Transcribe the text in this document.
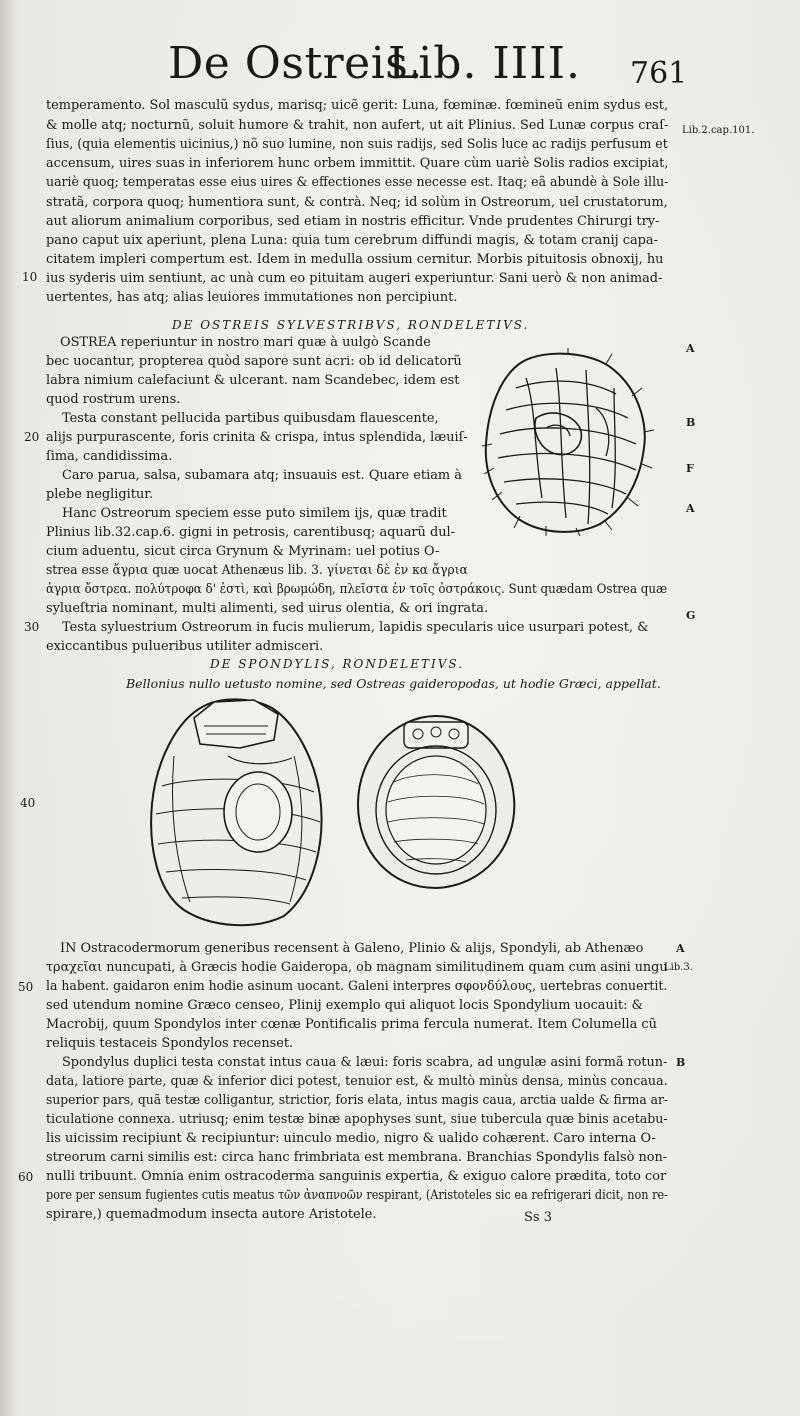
De Ostreis.
Lib. IIII. 761
temperamento. Sol masculũ sydus, marisq; uicẽ gerit: Luna, fœminæ. fœmineũ enim sydus est,
& molle atq; nocturnũ, soluit humore & trahit, non aufert, ut ait Plinius. Sed Lunæ corpus craſ-
ſius, (quia elementis uicinius,) nõ suo lumine, non suis radijs, sed Solis luce ac radijs perfusum et
accensum, uires suas in inferiorem hunc orbem immittit. Quare cùm uariè Solis radios excipiat,
uariè quoq; temperatas esse eius uires & effectiones esse necesse est. Itaq; eã abundè à Sole illu-
stratã, corpora quoq; humentiora sunt, & contrà. Neq; id solùm in Ostreorum, uel crustatorum,
aut aliorum animalium corporibus, sed etiam in nostris efficitur. Vnde prudentes Chirurgi try-
pano caput uix aperiunt, plena Luna: quia tum cerebrum diffundi magis, & totam cranij capa-
citatem impleri compertum est. Idem in medulla ossium cernitur. Morbis pituitosis obnoxij, hu
ius syderis uim sentiunt, ac unà cum eo pituitam augeri experiuntur. Sani uerò & non animad-
uertentes, has atq; alias leuiores immutationes non percipiunt.
Lib.2.cap.101.
10
DE OSTREIS SYLVESTRIBVS, RONDELETIVS.
OSTREA reperiuntur in nostro mari quæ à uulgò Scande
bec uocantur, propterea quòd sapore sunt acri: ob id delicatorũ
labra nimium calefaciunt & ulcerant. nam Scandebec, idem est
quod rostrum urens.
Testa constant pellucida partibus quibusdam flauescente,
alijs purpurascente, foris crinita & crispa, intus splendida, læuiſ-
ſima, candidissima.
Caro parua, salsa, subamara atq; insuauis est. Quare etiam à
plebe negligitur.
Hanc Ostreorum speciem esse puto similem ijs, quæ tradit
Plinius lib.32.cap.6. gigni in petrosis, carentibusq; aquarũ dul-
cium aduentu, sicut circa Grynum & Myrinam: uel potius O-
strea esse ἄγρια quæ uocat Athenæus lib. 3. γίνεται δὲ ἐν κα ἄγρια
ἀγρια ὄστρεα. πολύτροφα δ' ἐστὶ, καὶ βρωμώδη, πλεῖστα ἐν τοῖς ὀστράκοις. Sunt quædam Ostrea quæ
sylueſtria nominant, multi alimenti, sed uirus olentia, & ori ingrata.
Testa syluestrium Ostreorum in fucis mulierum, lapidis specularis uice usurpari potest, &
exiccantibus pulueribus utiliter admisceri.
20
30
A
B
F
A
G
DE SPONDYLIS, RONDELETIVS.
Bellonius nullo uetusto nomine, sed Ostreas gaideropodas, ut hodie Græci, appellat.
40
IN Ostracodermorum generibus recensent à Galeno, Plinio & alijs, Spondyli, ab Athenæo
τραχεῖαι nuncupati, à Græcis hodie Gaideropa, ob magnam similitudinem quam cum asini ungu
la habent. gaidaron enim hodie asinum uocant. Galeni interpres σφονδύλους, uertebras conuertit.
sed utendum nomine Græco censeo, Plinij exemplo qui aliquot locis Spondylium uocauit: &
Macrobij, quum Spondylos inter cœnæ Pontificalis prima fercula numerat. Item Columella cũ
reliquis testaceis Spondylos recenset.
Spondylus duplici testa constat intus caua & læui: foris scabra, ad ungulæ asini formã rotun-
data, latiore parte, quæ & inferior dici potest, tenuior est, & multò minùs densa, minùs concaua.
superior pars, quã testæ colligantur, strictior, foris elata, intus magis caua, arctia ualde & firma ar-
ticulatione connexa. utriusq; enim testæ binæ apophyses sunt, siue tubercula quæ binis acetabu-
lis uicissim recipiunt & recipiuntur: uinculo medio, nigro & ualido cohærent. Caro interna O-
streorum carni similis est: circa hanc frimbriata est membrana. Branchias Spondylis falsò non-
nulli tribuunt. Omnia enim ostracoderma sanguinis expertia, & exiguo calore prædita, toto cor
pore per sensum fugientes cutis meatus τῶν ἀναπνοῶν respirant, (Aristoteles sic ea refrigerari dicit, non re-
spirare,) quemadmodum insecta autore Aristotele.
Lib.3.
50
60
A
B
Ss 3
